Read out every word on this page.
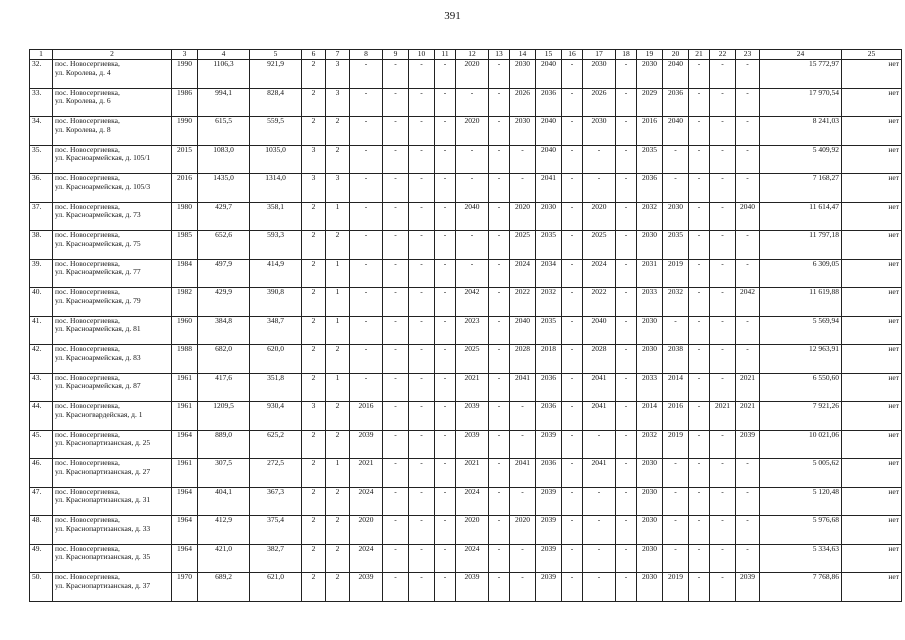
391
1	2	3	4	5	6	7	8	9	10	11	12	13	14	15	16	17	18	19	20	21	22	23	24	25
32.	пос. Новосергиевка,
ул. Королева, д. 4	1990	1106,3	921,9	2	3	-	-	-	-	2020	-	2030	2040	-	2030	-	2030	2040	-	-	-	15 772,97	нет
33.	пос. Новосергиевка,
ул. Королева, д. 6	1986	994,1	828,4	2	3	-	-	-	-	-	-	2026	2036	-	2026	-	2029	2036	-	-	-	17 970,54	нет
34.	пос. Новосергиевка,
ул. Королева, д. 8	1990	615,5	559,5	2	2	-	-	-	-	2020	-	2030	2040	-	2030	-	2016	2040	-	-	-	8 241,03	нет
35.	пос. Новосергиевка,
ул. Красноармейская, д. 105/1	2015	1083,0	1035,0	3	2	-	-	-	-	-	-	-	2040	-	-	-	2035	-	-	-	-	5 409,92	нет
36.	пос. Новосергиевка,
ул. Красноармейская, д. 105/3	2016	1435,0	1314,0	3	3	-	-	-	-	-	-	-	2041	-	-	-	2036	-	-	-	-	7 168,27	нет
37.	пос. Новосергиевка,
ул. Красноармейская, д. 73	1980	429,7	358,1	2	1	-	-	-	-	2040	-	2020	2030	-	2020	-	2032	2030	-	-	2040	11 614,47	нет
38.	пос. Новосергиевка,
ул. Красноармейская, д. 75	1985	652,6	593,3	2	2	-	-	-	-	-	-	2025	2035	-	2025	-	2030	2035	-	-	-	11 797,18	нет
39.	пос. Новосергиевка,
ул. Красноармейская, д. 77	1984	497,9	414,9	2	1	-	-	-	-	-	-	2024	2034	-	2024	-	2031	2019	-	-	-	6 309,05	нет
40.	пос. Новосергиевка,
ул. Красноармейская, д. 79	1982	429,9	390,8	2	1	-	-	-	-	2042	-	2022	2032	-	2022	-	2033	2032	-	-	2042	11 619,88	нет
41.	пос. Новосергиевка,
ул. Красноармейская, д. 81	1960	384,8	348,7	2	1	-	-	-	-	2023	-	2040	2035	-	2040	-	2030	-	-	-	-	5 569,94	нет
42.	пос. Новосергиевка,
ул. Красноармейская, д. 83	1988	682,0	620,0	2	2	-	-	-	-	2025	-	2028	2018	-	2028	-	2030	2038	-	-	-	12 963,91	нет
43.	пос. Новосергиевка,
ул. Красноармейская, д. 87	1961	417,6	351,8	2	1	-	-	-	-	2021	-	2041	2036	-	2041	-	2033	2014	-	-	2021	6 550,60	нет
44.	пос. Новосергиевка,
ул. Красногвардейская, д. 1	1961	1209,5	930,4	3	2	2016	-	-	-	2039	-	-	2036	-	2041	-	2014	2016	-	2021	2021	7 921,26	нет
45.	пос. Новосергиевка,
ул. Краснопартизанская, д. 25	1964	889,0	625,2	2	2	2039	-	-	-	2039	-	-	2039	-	-	-	2032	2019	-	-	2039	10 021,06	нет
46.	пос. Новосергиевка,
ул. Краснопартизанская, д. 27	1961	307,5	272,5	2	1	2021	-	-	-	2021	-	2041	2036	-	2041	-	2030	-	-	-	-	5 005,62	нет
47.	пос. Новосергиевка,
ул. Краснопартизанская, д. 31	1964	404,1	367,3	2	2	2024	-	-	-	2024	-	-	2039	-	-	-	2030	-	-	-	-	5 120,48	нет
48.	пос. Новосергиевка,
ул. Краснопартизанская, д. 33	1964	412,9	375,4	2	2	2020	-	-	-	2020	-	2020	2039	-	-	-	2030	-	-	-	-	5 976,68	нет
49.	пос. Новосергиевка,
ул. Краснопартизанская, д. 35	1964	421,0	382,7	2	2	2024	-	-	-	2024	-	-	2039	-	-	-	2030	-	-	-	-	5 334,63	нет
50.	пос. Новосергиевка,
ул. Краснопартизанская, д. 37	1970	689,2	621,0	2	2	2039	-	-	-	2039	-	-	2039	-	-	-	2030	2019	-	-	2039	7 768,86	нет
